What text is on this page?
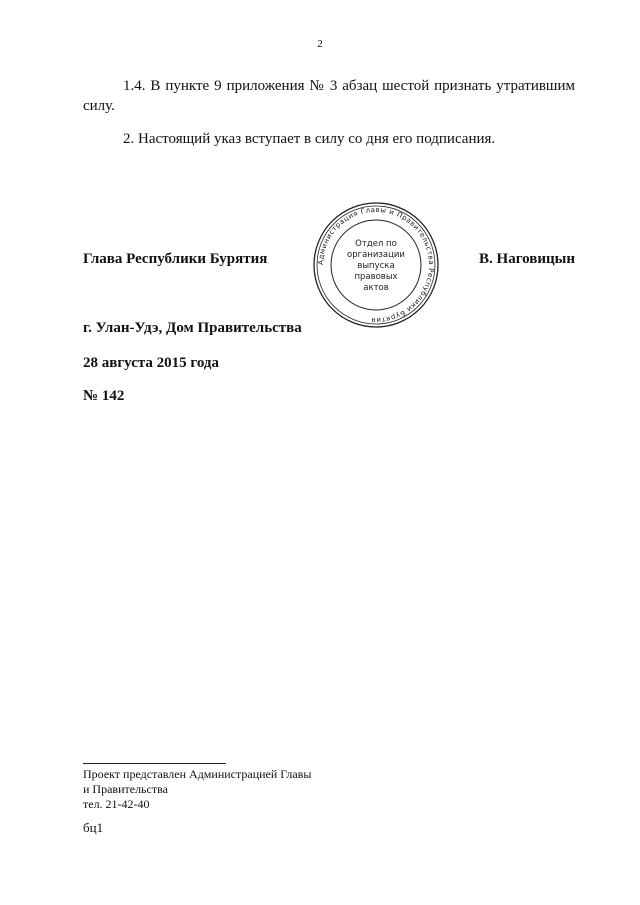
2

1.4. В пункте 9 приложения № 3 абзац шестой признать утратившим силу.

2. Настоящий указ вступает в силу со дня его подписания.

Глава Республики Бурятия	Администрация Главы и Правительства Республики Бурятия
Отдел по
организации
выпуска
правовых
актов

В. Наговицын

г. Улан-Удэ, Дом Правительства

28 августа 2015 года

№ 142

Проект представлен Администрацией Главы

и Правительства

тел. 21-42-40

бц1
